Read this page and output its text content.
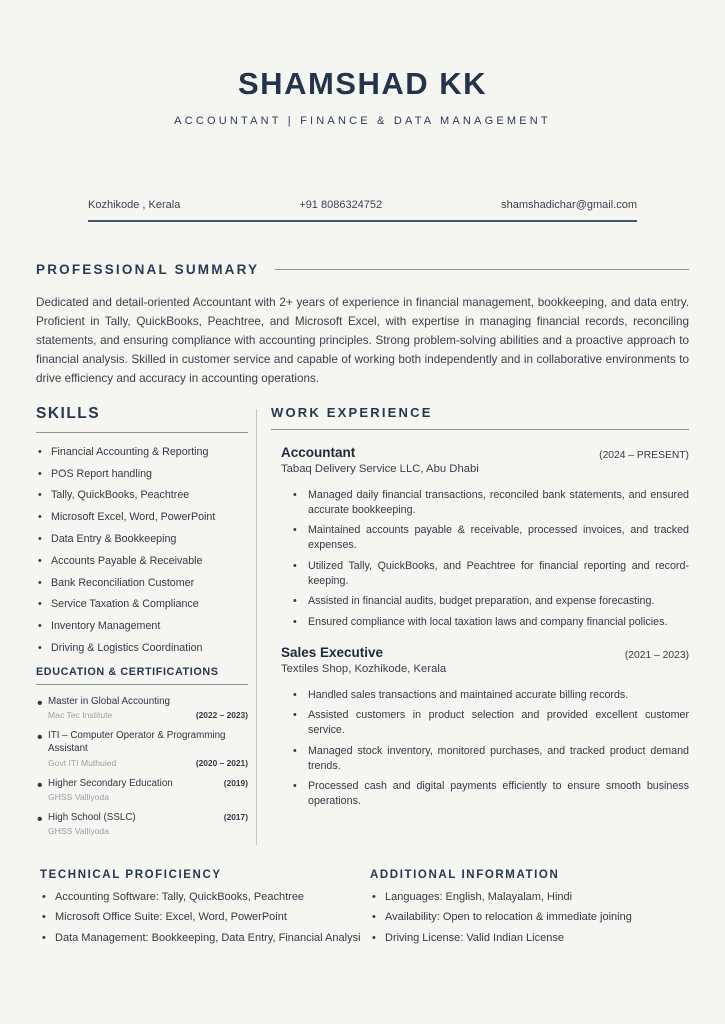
SHAMSHAD KK
ACCOUNTANT | FINANCE & DATA MANAGEMENT
Kozhikode , Kerala	+91 8086324752	shamshadichar@gmail.com
PROFESSIONAL SUMMARY

Dedicated and detail-oriented Accountant with 2+ years of experience in financial management, bookkeeping, and data entry. Proficient in Tally, QuickBooks, Peachtree, and Microsoft Excel, with expertise in managing financial records, reconciling statements, and ensuring compliance with accounting principles. Strong problem-solving abilities and a proactive approach to financial analysis. Skilled in customer service and capable of working both independently and in collaborative environments to drive efficiency and accuracy in accounting operations.

SKILLS
• Financial Accounting & Reporting
• POS Report handling
• Tally, QuickBooks, Peachtree
• Microsoft Excel, Word, PowerPoint
• Data Entry & Bookkeeping
• Accounts Payable & Receivable
• Bank Reconciliation Customer
• Service Taxation & Compliance
• Inventory Management
• Driving & Logistics Coordination
EDUCATION & CERTIFICATIONS
• Master in Global Accounting
Mac Tec Institute	(2022 – 2023)
• ITI – Computer Operator & Programming Assistant
Govt ITI Muthuied	(2020 – 2021)
• Higher Secondary Education	(2019)
GHSS Valliyoda
• High School (SSLC)	(2017)
GHSS Valliyoda
WORK EXPERIENCE
Accountant
Tabaq Delivery Service LLC, Abu Dhabi
(2024 – PRESENT)
• Managed daily financial transactions, reconciled bank statements, and ensured accurate bookkeeping.
• Maintained accounts payable & receivable, processed invoices, and tracked expenses.
• Utilized Tally, QuickBooks, and Peachtree for financial reporting and record-keeping.
• Assisted in financial audits, budget preparation, and expense forecasting.
• Ensured compliance with local taxation laws and company financial policies.
Sales Executive
Textiles Shop, Kozhikode, Kerala
(2021 – 2023)
• Handled sales transactions and maintained accurate billing records.
• Assisted customers in product selection and provided excellent customer service.
• Managed stock inventory, monitored purchases, and tracked product demand trends.
• Processed cash and digital payments efficiently to ensure smooth business operations.
TECHNICAL PROFICIENCY
• Accounting Software: Tally, QuickBooks, Peachtree
• Microsoft Office Suite: Excel, Word, PowerPoint
• Data Management: Bookkeeping, Data Entry, Financial Analysi
ADDITIONAL INFORMATION
• Languages: English, Malayalam, Hindi
• Availability: Open to relocation & immediate joining
• Driving License: Valid Indian License
